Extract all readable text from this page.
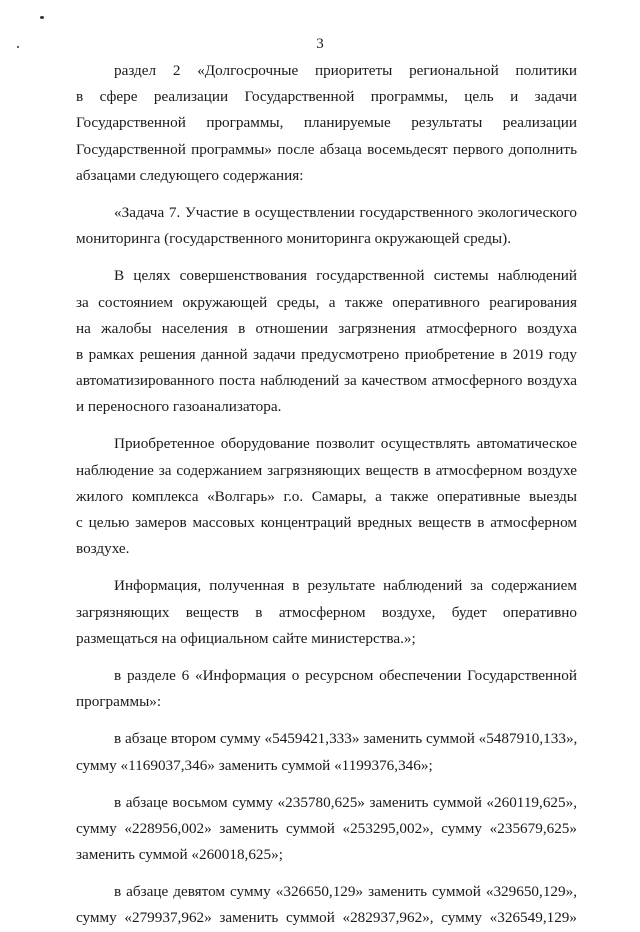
3
раздел 2 «Долгосрочные приоритеты региональной политики
в сфере реализации Государственной программы, цель и задачи
Государственной программы, планируемые результаты реализации
Государственной программы» после абзаца восемьдесят первого дополнить
абзацами следующего содержания:
«Задача 7. Участие в осуществлении государственного экологического
мониторинга (государственного мониторинга окружающей среды).
В целях совершенствования государственной системы наблюдений
за состоянием окружающей среды, а также оперативного реагирования
на жалобы населения в отношении загрязнения атмосферного воздуха
в рамках решения данной задачи предусмотрено приобретение в 2019 году
автоматизированного поста наблюдений за качеством атмосферного воздуха
и переносного газоанализатора.
Приобретенное оборудование позволит осуществлять автоматическое
наблюдение за содержанием загрязняющих веществ в атмосферном воздухе
жилого комплекса «Волгарь» г.о. Самары, а также оперативные выезды
с целью замеров массовых концентраций вредных веществ в атмосферном
воздухе.
Информация, полученная в результате наблюдений за содержанием
загрязняющих веществ в атмосферном воздухе, будет оперативно
размещаться на официальном сайте министерства.»;
в разделе 6 «Информация о ресурсном обеспечении Государственной
программы»:
в абзаце втором сумму «5459421,333» заменить суммой «5487910,133»,
сумму «1169037,346» заменить суммой «1199376,346»;
в абзаце восьмом сумму «235780,625» заменить суммой «260119,625»,
сумму «228956,002» заменить суммой «253295,002», сумму «235679,625»
заменить суммой «260018,625»;
в абзаце девятом сумму «326650,129» заменить суммой «329650,129»,
сумму «279937,962» заменить суммой «282937,962», сумму «326549,129»
